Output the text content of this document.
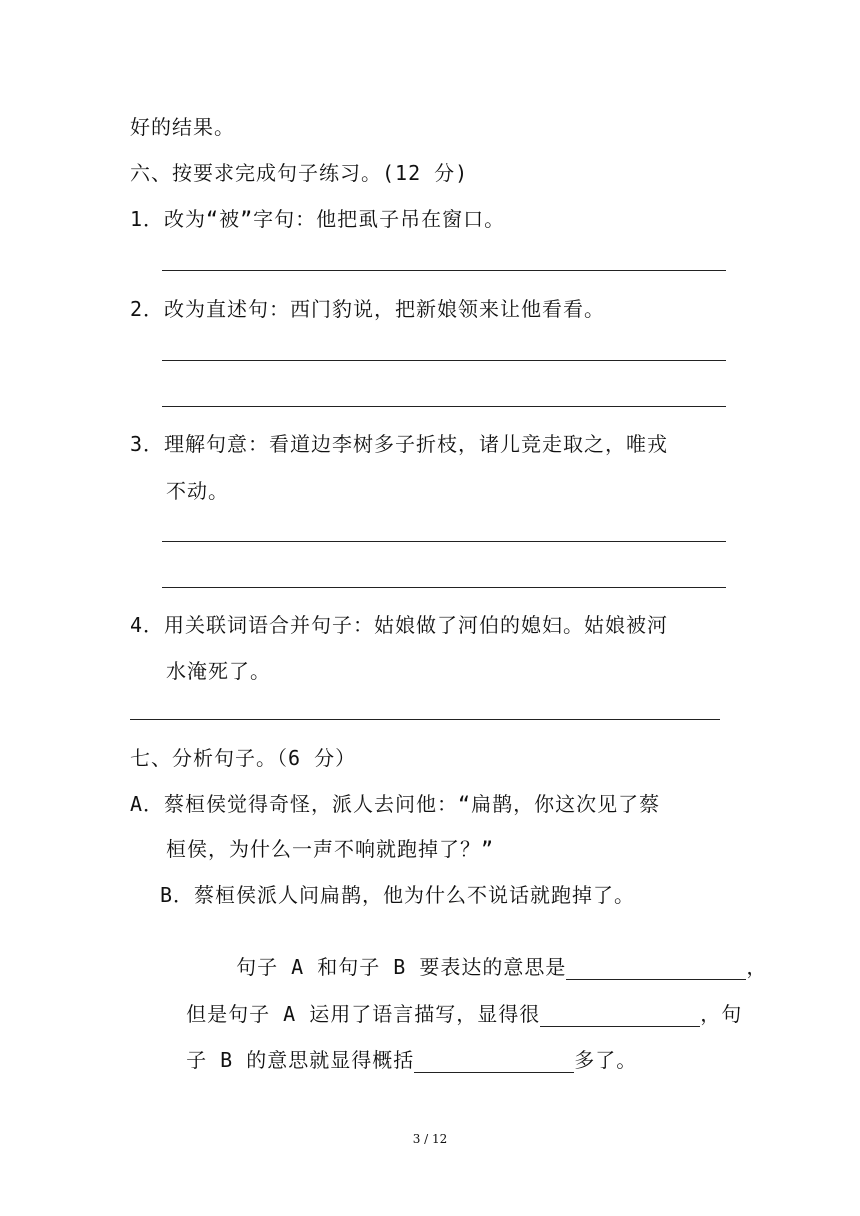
好的结果。
六、按要求完成句子练习。(12 分)
1．改为“被”字句：他把虱子吊在窗口。
2．改为直述句：西门豹说，把新娘领来让他看看。
3．理解句意：看道边李树多子折枝，诸儿竞走取之，唯戎
不动。
4．用关联词语合并句子：姑娘做了河伯的媳妇。姑娘被河
水淹死了。
七、分析句子。（6 分）
A．蔡桓侯觉得奇怪，派人去问他：“扁鹊，你这次见了蔡
桓侯，为什么一声不响就跑掉了？”
B．蔡桓侯派人问扁鹊，他为什么不说话就跑掉了。

句子 A 和句子 B 要表达的意思是	，

但是句子 A 运用了语言描写，显得很	，句

子 B 的意思就显得概括	多了。

3 / 12
